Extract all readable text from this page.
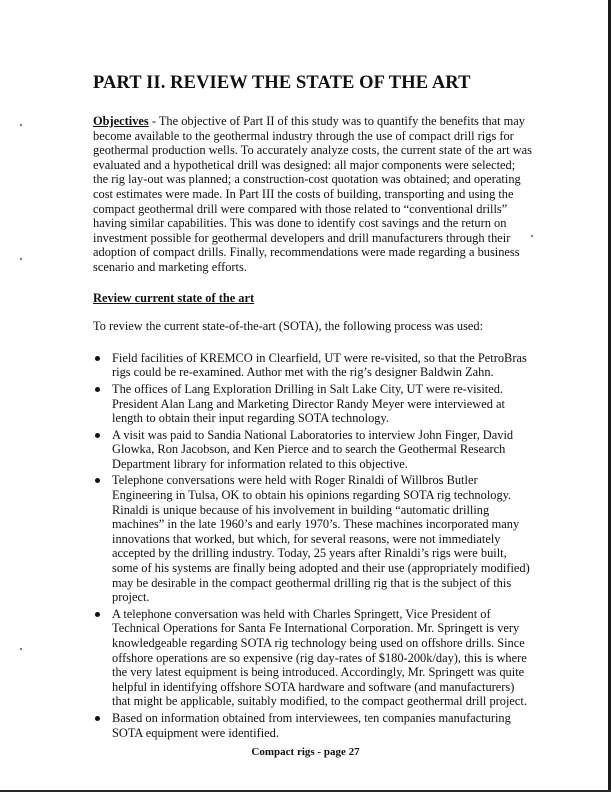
PART II. REVIEW THE STATE OF THE ART

Objectives - The objective of Part II of this study was to quantify the benefits that may become available to the geothermal industry through the use of compact drill rigs for geothermal production wells. To accurately analyze costs, the current state of the art was evaluated and a hypothetical drill was designed: all major components were selected; the rig lay-out was planned; a construction-cost quotation was obtained; and operating cost estimates were made. In Part III the costs of building, transporting and using the compact geothermal drill were compared with those related to “conventional drills” having similar capabilities. This was done to identify cost savings and the return on investment possible for geothermal developers and drill manufacturers through their adoption of compact drills. Finally, recommendations were made regarding a business scenario and marketing efforts.

Review current state of the art

To review the current state-of-the-art (SOTA), the following process was used:

Field facilities of KREMCO in Clearfield, UT were re-visited, so that the PetroBras rigs could be re-examined. Author met with the rig’s designer Baldwin Zahn.
The offices of Lang Exploration Drilling in Salt Lake City, UT were re-visited. President Alan Lang and Marketing Director Randy Meyer were interviewed at length to obtain their input regarding SOTA technology.
A visit was paid to Sandia National Laboratories to interview John Finger, David Glowka, Ron Jacobson, and Ken Pierce and to search the Geothermal Research Department library for information related to this objective.
Telephone conversations were held with Roger Rinaldi of Willbros Butler Engineering in Tulsa, OK to obtain his opinions regarding SOTA rig technology. Rinaldi is unique because of his involvement in building “automatic drilling machines” in the late 1960’s and early 1970’s. These machines incorporated many innovations that worked, but which, for several reasons, were not immediately accepted by the drilling industry. Today, 25 years after Rinaldi’s rigs were built, some of his systems are finally being adopted and their use (appropriately modified) may be desirable in the compact geothermal drilling rig that is the subject of this project.
A telephone conversation was held with Charles Springett, Vice President of Technical Operations for Santa Fe International Corporation. Mr. Springett is very knowledgeable regarding SOTA rig technology being used on offshore drills. Since offshore operations are so expensive (rig day-rates of $180-200k/day), this is where the very latest equipment is being introduced. Accordingly, Mr. Springett was quite helpful in identifying offshore SOTA hardware and software (and manufacturers) that might be applicable, suitably modified, to the compact geothermal drill project.
Based on information obtained from interviewees, ten companies manufacturing SOTA equipment were identified.
Compact rigs - page 27
